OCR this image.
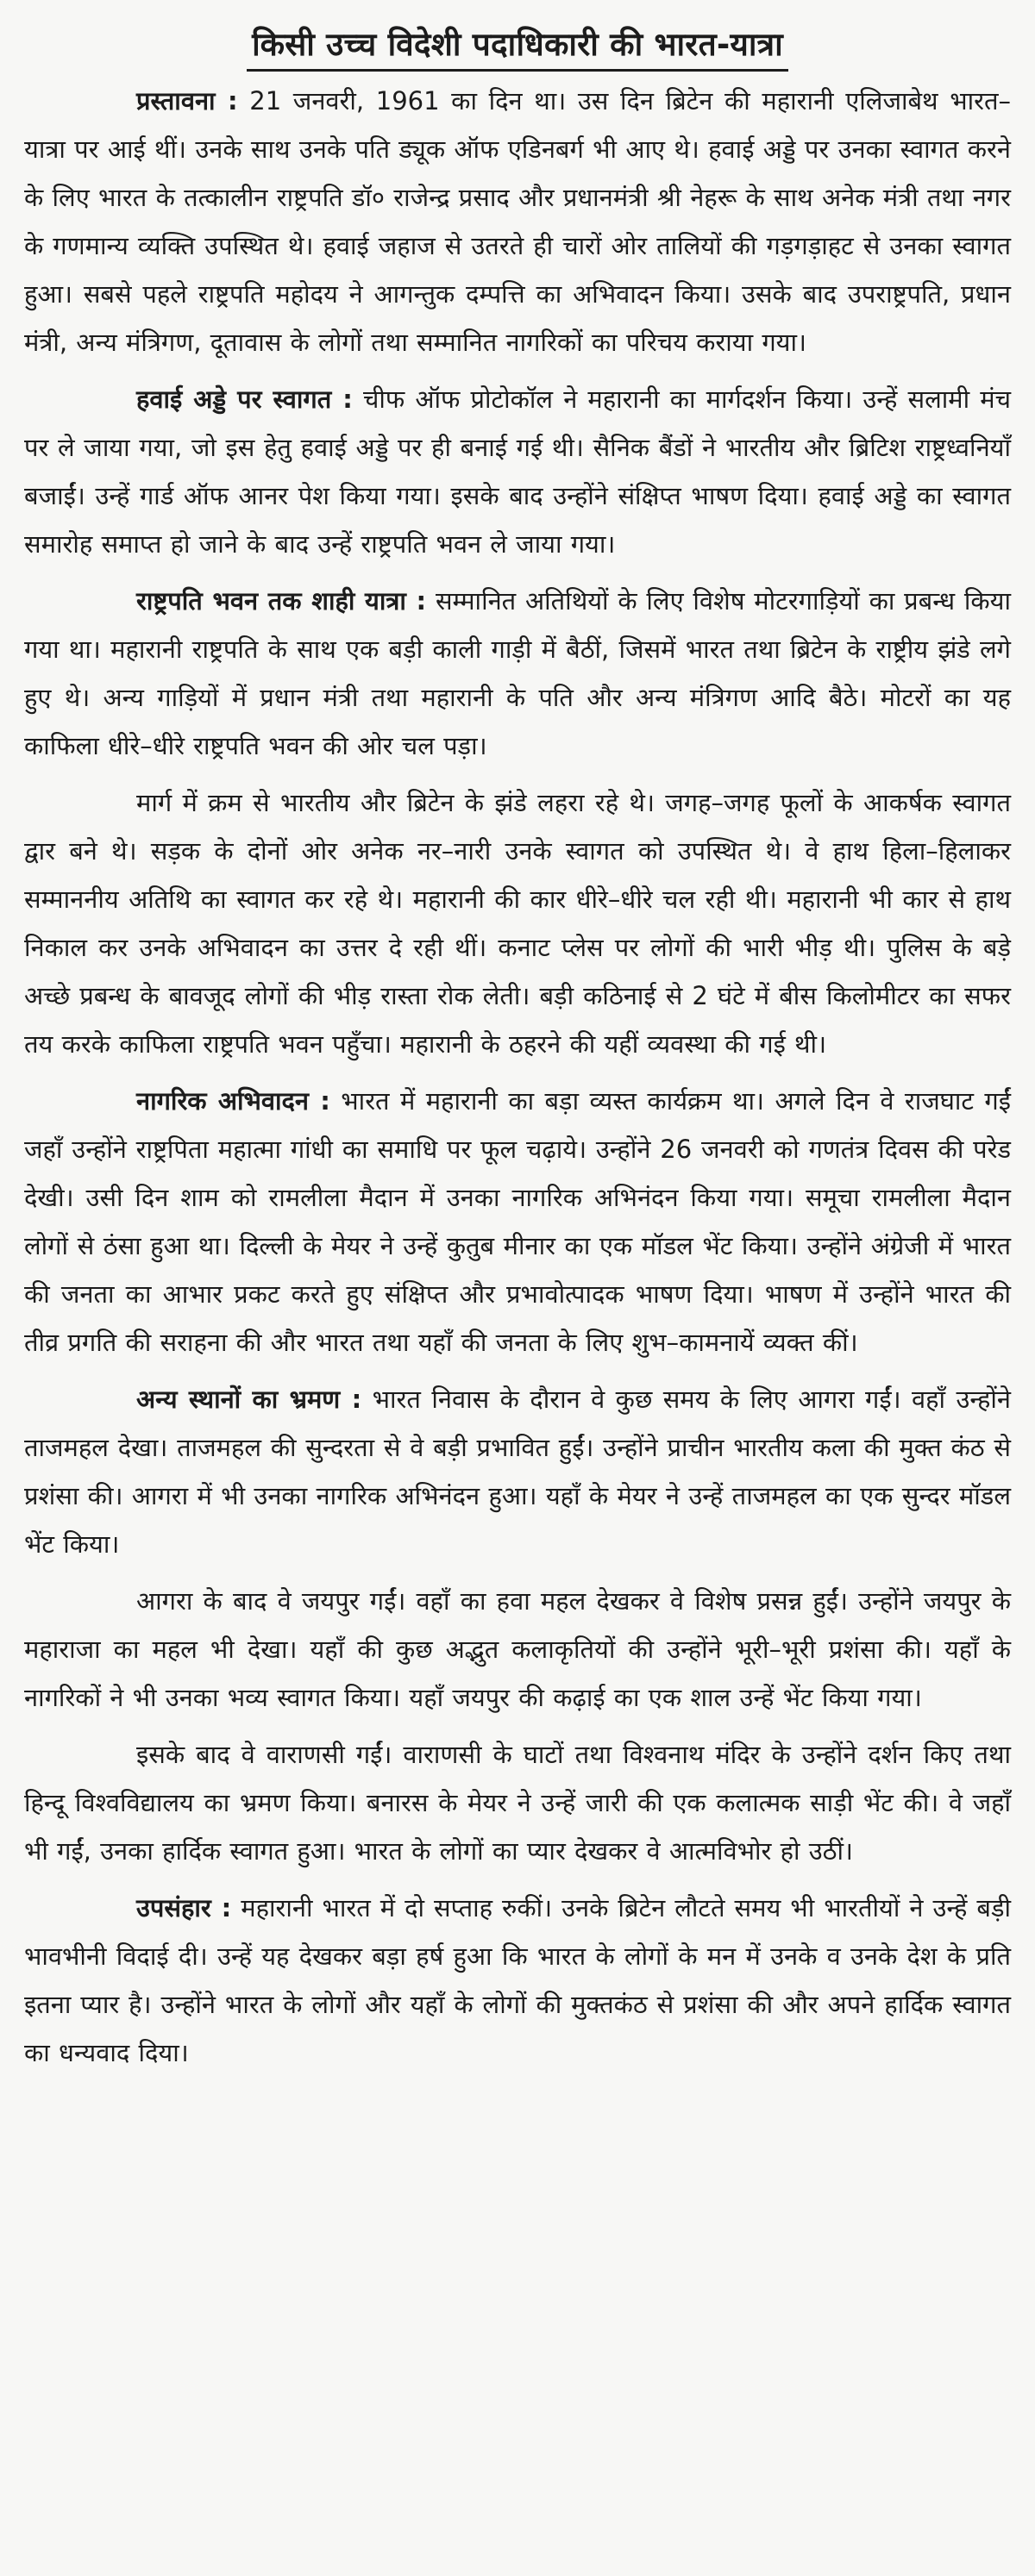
किसी उच्च विदेशी पदाधिकारी की भारत-यात्रा

प्रस्तावना : 21 जनवरी, 1961 का दिन था। उस दिन ब्रिटेन की महारानी एलिजाबेथ भारत–यात्रा पर आई थीं। उनके साथ उनके पति ड्यूक ऑफ एडिनबर्ग भी आए थे। हवाई अड्डे पर उनका स्वागत करने के लिए भारत के तत्कालीन राष्ट्रपति डॉ० राजेन्द्र प्रसाद और प्रधानमंत्री श्री नेहरू के साथ अनेक मंत्री तथा नगर के गणमान्य व्यक्ति उपस्थित थे। हवाई जहाज से उतरते ही चारों ओर तालियों की गड़गड़ाहट से उनका स्वागत हुआ। सबसे पहले राष्ट्रपति महोदय ने आगन्तुक दम्पत्ति का अभिवादन किया। उसके बाद उपराष्ट्रपति, प्रधान मंत्री, अन्य मंत्रिगण, दूतावास के लोगों तथा सम्मानित नागरिकों का परिचय कराया गया।

हवाई अड्डे पर स्वागत : चीफ ऑफ प्रोटोकॉल ने महारानी का मार्गदर्शन किया। उन्हें सलामी मंच पर ले जाया गया, जो इस हेतु हवाई अड्डे पर ही बनाई गई थी। सैनिक बैंडों ने भारतीय और ब्रिटिश राष्ट्रध्वनियाँ बजाईं। उन्हें गार्ड ऑफ आनर पेश किया गया। इसके बाद उन्होंने संक्षिप्त भाषण दिया। हवाई अड्डे का स्वागत समारोह समाप्त हो जाने के बाद उन्हें राष्ट्रपति भवन ले जाया गया।

राष्ट्रपति भवन तक शाही यात्रा : सम्मानित अतिथियों के लिए विशेष मोटरगाड़ियों का प्रबन्ध किया गया था। महारानी राष्ट्रपति के साथ एक बड़ी काली गाड़ी में बैठीं, जिसमें भारत तथा ब्रिटेन के राष्ट्रीय झंडे लगे हुए थे। अन्य गाड़ियों में प्रधान मंत्री तथा महारानी के पति और अन्य मंत्रिगण आदि बैठे। मोटरों का यह काफिला धीरे–धीरे राष्ट्रपति भवन की ओर चल पड़ा।

मार्ग में क्रम से भारतीय और ब्रिटेन के झंडे लहरा रहे थे। जगह–जगह फूलों के आकर्षक स्वागत द्वार बने थे। सड़क के दोनों ओर अनेक नर–नारी उनके स्वागत को उपस्थित थे। वे हाथ हिला–हिलाकर सम्माननीय अतिथि का स्वागत कर रहे थे। महारानी की कार धीरे–धीरे चल रही थी। महारानी भी कार से हाथ निकाल कर उनके अभिवादन का उत्तर दे रही थीं। कनाट प्लेस पर लोगों की भारी भीड़ थी। पुलिस के बड़े अच्छे प्रबन्ध के बावजूद लोगों की भीड़ रास्ता रोक लेती। बड़ी कठिनाई से 2 घंटे में बीस किलोमीटर का सफर तय करके काफिला राष्ट्रपति भवन पहुँचा। महारानी के ठहरने की यहीं व्यवस्था की गई थी।

नागरिक अभिवादन : भारत में महारानी का बड़ा व्यस्त कार्यक्रम था। अगले दिन वे राजघाट गईं जहाँ उन्होंने राष्ट्रपिता महात्मा गांधी का समाधि पर फूल चढ़ाये। उन्होंने 26 जनवरी को गणतंत्र दिवस की परेड देखी। उसी दिन शाम को रामलीला मैदान में उनका नागरिक अभिनंदन किया गया। समूचा रामलीला मैदान लोगों से ठंसा हुआ था। दिल्ली के मेयर ने उन्हें कुतुब मीनार का एक मॉडल भेंट किया। उन्होंने अंग्रेजी में भारत की जनता का आभार प्रकट करते हुए संक्षिप्त और प्रभावोत्पादक भाषण दिया। भाषण में उन्होंने भारत की तीव्र प्रगति की सराहना की और भारत तथा यहाँ की जनता के लिए शुभ–कामनायें व्यक्त कीं।

अन्य स्थानों का भ्रमण : भारत निवास के दौरान वे कुछ समय के लिए आगरा गईं। वहाँ उन्होंने ताजमहल देखा। ताजमहल की सुन्दरता से वे बड़ी प्रभावित हुईं। उन्होंने प्राचीन भारतीय कला की मुक्त कंठ से प्रशंसा की। आगरा में भी उनका नागरिक अभिनंदन हुआ। यहाँ के मेयर ने उन्हें ताजमहल का एक सुन्दर मॉडल भेंट किया।

आगरा के बाद वे जयपुर गईं। वहाँ का हवा महल देखकर वे विशेष प्रसन्न हुईं। उन्होंने जयपुर के महाराजा का महल भी देखा। यहाँ की कुछ अद्भुत कलाकृतियों की उन्होंने भूरी–भूरी प्रशंसा की। यहाँ के नागरिकों ने भी उनका भव्य स्वागत किया। यहाँ जयपुर की कढ़ाई का एक शाल उन्हें भेंट किया गया।

इसके बाद वे वाराणसी गईं। वाराणसी के घाटों तथा विश्वनाथ मंदिर के उन्होंने दर्शन किए तथा हिन्दू विश्वविद्यालय का भ्रमण किया। बनारस के मेयर ने उन्हें जारी की एक कलात्मक साड़ी भेंट की। वे जहाँ भी गईं, उनका हार्दिक स्वागत हुआ। भारत के लोगों का प्यार देखकर वे आत्मविभोर हो उठीं।

उपसंहार : महारानी भारत में दो सप्ताह रुकीं। उनके ब्रिटेन लौटते समय भी भारतीयों ने उन्हें बड़ी भावभीनी विदाई दी। उन्हें यह देखकर बड़ा हर्ष हुआ कि भारत के लोगों के मन में उनके व उनके देश के प्रति इतना प्यार है। उन्होंने भारत के लोगों और यहाँ के लोगों की मुक्तकंठ से प्रशंसा की और अपने हार्दिक स्वागत का धन्यवाद दिया।
